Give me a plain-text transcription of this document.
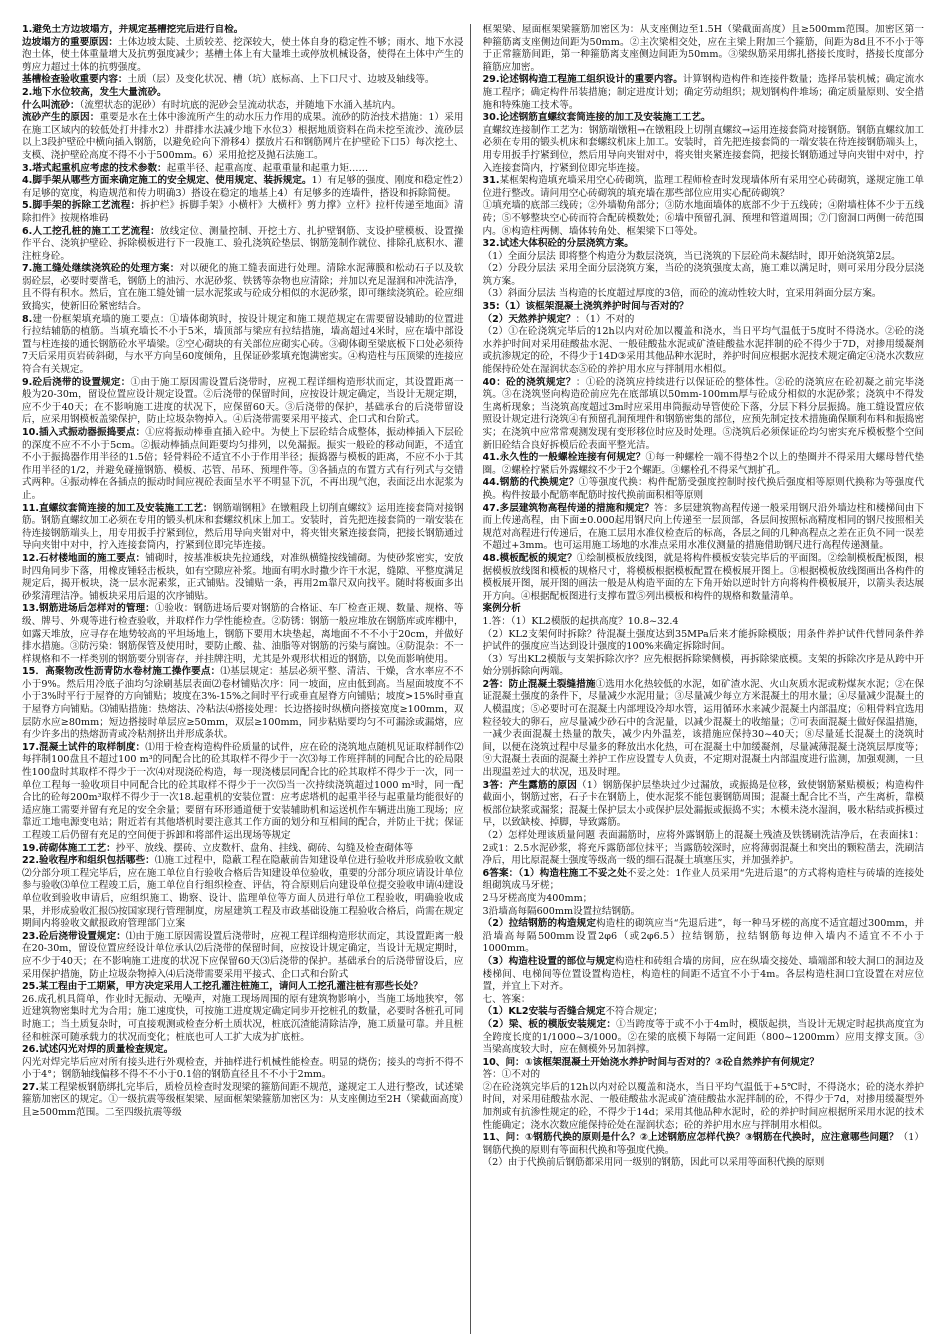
1.避免土方边坡塌方，并规定基槽挖完后进行自检。

边坡塌方的重要原因：土体边坡太陡、土质较差、挖深较大，使土体自身的稳定性不够；雨水、地下水浸泡土体，使土体重量增大及抗剪强度减少；基槽土体上有大量堆土或停放机械设备，使得在土体中产生的剪应力超过土体的抗剪强度。

基槽检查验收重要内容：土质（层）及变化状况、槽（坑）底标高、上下口尺寸、边坡及轴线等。

2.地下水位较高，发生大量流砂。

什么叫流砂：（流塑状态的泥砂）有时坑底的泥砂会呈流动状态，并随地下水涌入基坑内。

流砂产生的原因：重要是水在土体中渗流所产生的动水压力作用的成果。流砂的防治技术措施：1）采用在施工区域内的较低处打井排水2）井群排水法减少地下水位3）根据地质资料在尚未挖至流沙、流砂层以上3段护壁砼中横向插入钢筋，以避免砼向下滑移4）摆放片石和钢筋网片在护壁砼下口5）每次挖土、支模、浇护壁砼高度不得不小于500mm。6）采用抢挖及抛石法施工。

3.塔式起重机应考虑的技术参数：起重半径、起重高度、起重重量和起重力矩……

4.脚手架从哪些方面来确定施工的安全规定、使用规定、装拆规定。1）有足够的强度、刚度和稳定性2）有足够的宽度，构造规范和传力明确3）搭设在稳定的地基上4）有足够多的连墙件，搭设和拆除简便。

5.脚手架的拆除工艺流程：拆护栏》拆脚手架》小横杆》大横杆》剪力撑》立杆》拉杆传递至地面》清除扣件》按规格堆码

6.人工挖孔桩的施工工艺流程：放线定位、测量控制、开挖土方、扎护壁钢筋、支设护壁模板、设置操作平台、浇筑护壁砼、拆除模板进行下一段施工、验孔浇筑砼垫层、钢筋笼制作就位、排除孔底积水、灌注桩身砼。

7.施工缝处继续浇筑砼的处理方案：对以硬化的施工缝表面进行处理。清除水泥薄膜和松动石子以及软弱砼层，必要时要凿毛，钢筋上的油污、水泥砂浆、铁锈等杂物也应清除；并加以充足湿润和冲洗洁净，且不得有积水。然后，宜在施工缝处铺一层水泥浆或与砼成分相似的水泥砂浆，即可继续浇筑砼。砼应细致捣实，使新旧砼紧密结合。

8.建一份框架填充墙的施工要点：①墙体砌筑时，按设计规定和施工规范规定在需要留设辅助的位置进行拉结辅筋的植筋。当填充墙长不小于5米，墙顶部与梁应有拉结措施，墙高超过4米时，应在墙中部设置与柱连接的通长钢筋砼水平墙梁。②空心砌块的有关部位应砌实心砖。③砌体砌至梁底板下口处必须待7天后采用页岩砖斜砌，与水平方向呈60度倾角，且保证砂浆填充饱满密实。④构造柱与压顶梁的连接应符合有关规定。

9.砼后浇带的设置规定：①由于施工原因需设置后浇带时，应视工程详细构造形状而定，其设置距离一般为20-30m，留设位置应设计规定设置。②后浇带的保留时间，应按设计规定确定，当设计无规定期，应不少于40天；在不影响施工进度的状况下，应保留60天。③后浇带的保护，基础承台的后浇带留设后，应采用钢模板盖梁保护，防止垃圾杂物掉入。④后浇带需要采用平接式、企口式和台阶式。

10.插入式振动器振捣要点：①应将振动棒垂直插入砼中。为使上下层砼结合成整体，振动棒插入下层砼的深度不应不不小于5cm。②振动棒插点间距要均匀排列，以免漏振。振实一般砼的移动间距，不适宜不小于振捣器作用半径的1.5倍；轻骨料砼不适宜不小于作用半径；振捣器与模板的距离，不应不小于其作用半径的1/2，并避免碰撞钢筋、模板、芯管、吊环、预埋件等。③各插点的布置方式有行列式与交错式两种。④振动棒在各插点的振动时间应视砼表面呈水平不明显下沉，不再出现气泡，表面泛出水泥浆为止。

11.直螺纹套筒连接的加工及安装施工工艺：钢筋端钢粗》在镦粗段上切削直螺纹》运用连接套筒对接钢筋。钢筋直螺纹加工必须在专用的锻头机床和套螺纹机床上加工。安装时，首先把连接套筒的一端安装在待连接钢筋端头上，用专用扳手拧紧到位，然后用导向夹钳对中，将夹钳夹紧连接套筒，把接长钢筋通过导向夹钳中对中，拧入连接套筒内，拧紧到位即完毕连接。

12.石材楼地面的施工要点：铺砌时，按基准板块先拉通线，对准纵横缝按线铺砌。为使砂浆密实，安放时四角同步下落，用橡皮锤轻击板块，如有空隙应补浆。地面有明水时撒少许干水泥，缝隙、平整度满足规定后，揭开板块，浇一层水泥素浆，正式铺贴。没铺贴一条，再用2m靠尺双向找平。随时将板面多出砂浆清理洁净。铺板块采用后退的次序铺贴。

13.钢筋进场后怎样对的管理：①验收：钢筋进场后要对钢筋的合格证、车厂检查正规、数量、规格、等级、牌号、外观等进行检查验收，并取样作力学性能检查。②防锈：钢筋一般应堆放在钢筋库或库棚中，如露天堆放，应寻存在地势较高的平坦场地上，钢筋下要用木块垫起，离地面不不不小于20cm，并做好排水措施。③防污染：钢筋保管及使用时，要防止酸、盐、油脂等对钢筋的污染与腐蚀。④防混杂：不一样规格和不一样类别的钢筋要分别寄存，并挂牌注明，尤其是外观形状相近的钢筋，以免而影响使用。

15．高聚物改性沥青防水卷材施工操作要点：⑴基层规定：基层必须平整、清洁、干燥，含水率应不不小于9%。然后用冷底子油均匀涂刷基层表面⑵卷材铺贴次序：同一坡面，应由低到高。当屋面坡度不不小于3%时平行于屋脊的方向铺贴；坡度在3%-15%之间时平行或垂直屋脊方向铺贴；坡度>15%时垂直于屋脊方向铺贴。⑶铺贴措施：热熔法、冷粘法⑷搭接处理：长边搭接时纵横向搭接宽度≥100mm，双层防水应≥80mm；短边搭接时单层应≥50mm，双层≥100mm，同步粘贴要均匀不可漏涂或漏熔，应有少许多出的热熔沥青或冷粘剂挤出并形成条状。

17.混凝土试件的取样制度：⑴用于检查构造构件砼质量的试件，应在砼的浇筑地点随机见证取样制作⑵每拌制100盘且不超过100 m³的同配合比的砼其取样不得少于一次⑶每工作班拌制的同配合比的砼局限性100盘时其取样不得少于一次⑷对现浇砼构造，每一现浇楼层同配合比的砼其取样不得少于一次，同一单位工程每一验收项目中同配合比的砼其取样不得少于一次⑸当一次持续浇筑超过1000 m³时，同一配合比的砼每200m³取样不得少于一次18.起重机的安装位置：应考虑塔机的起重半径与起重量均能很好的适应施工需要并留有充足的安全余量；要留有环形通道便于安装辅助机和运送机作车辆进出施工现场；应靠近工地电源变电站；附近若有其他塔机时要注意其工作方面的划分和互相间的配合，并防止干扰；保证工程竣工后仍留有充足的空间便于拆卸和将部件运出现场等规定

19.砖砌体施工工艺：抄平、放线、摆砖、立皮数杆、盘角、挂线、砌砖、勾缝及检查砌体等

22.验收程序和组织包括哪些：⑴施工过程中，隐蔽工程在隐蔽前告知建设单位进行验收并形成验收文献⑵分部分项工程完毕后，应在施工单位自行验收合格后告知建设单位验收，重要的分部分项应请设计单位参与验收⑶单位工程竣工后，施工单位自行组织检查、评估，符合原则后向建设单位提交验收申请⑷建设单位收到验收申请后，应组织施工、勘察、设计、监理单位等方面人员进行单位工程验收，明确验收成果，并形成验收汇报⑸按国家现行管理制度，房屋建筑工程及市政基础设施工程验收合格后，尚需在规定期间内将验收文献报政府管理部门立案

23.砼后浇带设置规定：⑴由于施工原因需设置后浇带时，应视工程详细构造形状而定，其设置距离一般在20-30m，留设位置应经设计单位承认⑵后浇带的保留时间，应按设计规定确定，当设计无规定期时，应不少于40天；在不影响施工进度的状况下应保留60天⑶后浇带的保护。基础承台的后浇带留设后，应采用保护措施，防止垃圾杂物掉入⑷后浇带需要采用平接式、企口式和台阶式

25.某工程由于工期紧，甲方决定采用人工挖孔灌注桩施工，请问人工挖孔灌注桩有那些长处？

26.成孔机具简单，作业时无振动、无噪声，对施工现场周围的原有建筑物影响小，当施工场地狭窄，邻近建筑物密集时尤为合用；施工速度快，可按施工进度规定确定同步开挖桩孔的数量，必要时各桩孔可同时施工；当土质复杂时，可直接观测或检查分析土质状况，桩底沉渣能清除洁净，施工质量可靠。并且桩径和桩深可随承载力的状况而变化；桩底也可人工扩大成为扩底桩。

26.试述闪光对焊的质量检查规定。

闪光对焊完毕后应对所有接头进行外观检查，并抽样进行机械性能检查。明显的烧伤；接头的弯折不得不小于4°；钢筋轴线偏移不得不不小于0.1倍的钢筋直径且不不小于2mm。

27.某工程梁板钢筋绑扎完毕后，质检员检查时发现梁的箍筋间距不规范，遂规定工人进行整改，试述梁箍筋加密区的规定。①一级抗震等级框架梁、屋面框架梁箍筋加密区为：从支座侧边至2H（梁截面高度）且≥500mm范围。二至四级抗震等级

框架梁、屋面框架梁箍筋加密区为：从支座侧边至1.5H（梁截面高度）且≥500mm范围。加密区第一种箍筋离支座侧边间距为50mm。②主次梁相交处，应在主梁上附加三个箍筋，间距为8d且不不小于等于正常箍筋间距，第一种箍筋离支座侧边间距为50mm。③梁纵筋采用绑扎搭接长度时，搭接长度部分箍筋应加密。

29.论述钢构造工程施工组织设计的重要内容。计算钢构造构件和连接件数量；选择吊装机械；确定流水施工程序；确定构件吊装措施；制定进度计划；确定劳动组织；规划钢构件堆场；确定质量原则、安全措施和特殊施工技术等。

30.论述钢筋直螺纹套筒连接的加工及安装施工工艺。

直螺纹连接制作工艺为：钢筋端镦粗→在镦粗段上切削直螺纹→运用连接套筒对接钢筋。钢筋直螺纹加工必须在专用的锻头机床和套螺纹机床上加工。安装时，首先把连接套筒的一端安装在待连接钢筋端头上，用专用扳手拧紧到位，然后用导向夹钳对中，将夹钳夹紧连接套筒，把接长钢筋通过导向夹钳中对中，拧入连接套筒内，拧紧到位即完毕连接。

31.某框架构造填充墙采用空心砖砌筑，监理工程师检查时发现墙体所有采用空心砖砌筑，遂规定施工单位进行整改。请问用空心砖砌筑的填充墙在那些部位应用实心配砖砌筑？

①填充墙的底部三线砖；②外墙勒角部分；③防水地面墙体的底部不少于五线砖；④附墙柱体不少于五线砖；⑤不够整块空心砖而符合配砖模数处；⑥墙中预留孔洞、预埋和管道周围；⑦门窗洞口两侧一砖范围内。⑧构造柱两侧、墙体转角处、框架梁下口等处。

32.试述大体积砼的分层浇筑方案。

（1）全面分层法 即将整个构造分为数层浇筑，当已浇筑的下层砼尚未凝结时，即开始浇筑第2层。

（2）分段分层法 采用全面分层浇筑方案，当砼的浇筑强度太高，施工难以满足时，则可采用分段分层浇筑方案。

（3）斜面分层法 当构造的长度超过厚度的3倍，而砼的流动性较大时，宜采用斜面分层方案。

35:（1）该框架混凝土浇筑养护时间与否对的？

（2）天然养护规定？：（1）不对的

（2）①在砼浇筑完毕后的12h以内对砼加以覆盖和浇水，当日平均气温低于5度时不得浇水。②砼的浇水养护时间对采用硅酸盐水泥、一般硅酸盐水泥或矿渣硅酸盐水泥拌制的砼不得少于7D，对掺用缓凝剂或抗渗规定的砼，不得少于14D③采用其他品种水泥时，养护时间应根据水泥技术规定确定④浇水次数应能保持砼处在湿润状态⑤砼的养护用水应与拌制用水相似。

40：砼的浇筑规定？：①砼的浇筑应持续进行以保证砼的整体性。②砼的浇筑应在砼初凝之前完毕浇筑。③在浇筑竖向构造砼前应先在底部填以50mm-100mm厚与砼成分相似的水泥砂浆；浇筑中不得发生离析现象；当浇筑高度超过3m时应采用串筒振动导管使砼下落，分层下料分层振捣。施工缝设置应依照设计规定进行浇筑④有预留孔洞预埋件和钢筋密集的部位，应预先制定技术措施确保顺利布料和振捣密实；在浇筑中应常常观测发现有变形移位时应及时处理。⑤浇筑后必须保证砼均匀密实充斥模板整个空间新旧砼结合良好拆模后砼表面平整光洁。

41.永久性的一般螺栓连接有何规定？①每一种螺栓一端不得垫2个以上的垫圈并不得采用大螺母替代垫圈。②螺栓拧紧后外露螺纹不少于2个螺距。③螺栓孔不得采气割扩孔。

44.钢筋的代换规定？①等强度代换：构件配筋受强度控制时按代换后强度相等原则代换称为等强度代换。构件按最小配筋率配筋时按代换前面积相等原则

47.多层建筑物高程传递的措施和规定？答：多层建筑物高程传递一般采用钢尺沿外墙边柱和楼梯间由下而上传递高程，由下面±0.000起用钢尺向上传递至一层顶部，各层间按照标高精度相同的钢尺按照相关规范对高程进行传递后，在施工层用水准仪检查后的标高，各层之间的几种高程点之差在正负不同一误差不超过+3mm。也可运用施工场地的水准点采用水准仪测量的措施借助钢尺进行高程传递测量。

48.模板配板的规定？①绘制模板放线图，就是将构件模板安装完毕后的平面图。②绘制模板配板图，根据模板放线图和模板的规格尺寸，将模板根据模板配置在模板展开图上。③根据模板放线图画出各构件的模板展开图，展开图的画法一般是从构造平面的左下角开始以逆时针方向将构件模板展开，以箭头表达展开方向。④根据配板图进行支撑布置⑤列出模板和构件的规格和数量清单。

案例分析

1.答：（1）KL2模版的起拱高度？10.8~32.4

（2）KL2支架何时拆除？待混凝土强度达到35MPa后来才能拆除模版；用条件养护试件代替同条件养护试件的强度应当达到设计强度的100%来确定拆除时间。

（3）写出KL2模版与支架拆除次序？应先根据拆除梁侧模，再拆除梁底模。支架的拆除次序是从跨中开始分别拆除向两端。

2答：防止混凝土裂缝措施①选用水化热较低的水泥，如矿渣水泥、火山灰质水泥或粉煤灰水泥；②在保证混凝土强度的条件下，尽量减少水泥用量；③尽量减少每立方米混凝土的用水量；④尽量减少混凝土的人模温度；⑤必要时可在混凝土内部埋设冷却水管，运用循环水来减少混凝土内部温度；⑥粗骨料宜选用粒径较大的卵石，应尽量减少砂石中的含泥量，以减少混凝土的收缩量；⑦可表面混凝土做好保温措施，一减少表面混凝土热量的散失，减少内外温差，该措施应保持30~40天；⑧尽量延长混凝土的浇筑时间，以便在浇筑过程中尽量多的释放出水化热，可在混凝土中加缓凝剂，尽量减薄混凝土浇筑层厚度等；⑨大混凝土表面的混凝土养护工作应设置专人负责，不定期对混凝土内部温度进行监测，加强观测，一旦出现温差过大的状况，迅及时理。

3答：产生露筋的原因（1）钢筋保护层垫块过少过漏放，或振捣是位移，致使钢筋紧贴模板；构造构件截面小，钢筋过密，石子卡在钢筋上，使水泥浆不能包裹钢筋周围；混凝土配合比不当，产生离析，靠模板部位缺浆或漏浆；混凝土保护层太小或保护层处漏振或振捣不实；木模未浇水湿润，吸水粘结或拆模过早，以致缺棱、掉脚，导致露筋。

（2）怎样处理该质量问题 表面漏筋时，应将外露钢筋上的混凝土残渣及铁锈刷洗洁净后，在表面抹1：2或1：2.5水泥砂浆，将充斥露筋部位抹平；当露筋较深时，应将薄弱混凝土和突出的颗粒凿去，洗刷洁净后，用比原混凝土强度等级高一级的细石混凝土填塞压实，并加强养护。

6答案：（1）构造柱施工不妥之处不妥之处：1作业人员采用“先进后退”的方式将构造柱与砖墙的连接处组砌筑成马牙槎；

2马牙槎高度为400mm；

3沿墙高每隔600mm设置拉结钢筋。

（2）拉结钢筋的构造规定构造柱的砌筑应当“先退后进”，每一种马牙槎的高度不适宜超过300mm，并沿墙高每隔500mm设置2φ6（或2φ6.5）拉结钢筋，拉结钢筋每边伸入墙内不适宜不不小于1000mm。

（3）构造柱设置的部位与规定构造柱和砖组合墙的房间，应在纵墙交接处、墙端部和较大洞口的洞边及楼梯间、电梯间等位置设置构造柱，构造柱的间距不适宜不小于4m。各层构造柱洞口宜设置在对应位置，并宜上下对齐。

七、答案：

（1）KL2安装与否缝合规定不符合规定；

（2）梁、板的模版安装规定：①当跨度等于或不小于4m时，模版起拱，当设计无规定时起拱高度宜为全跨度长度的1/1000~3/1000。②在梁的底模下每隔一定间距（800~1200mm）应用支撑支顶。③当梁高度较大时，应在侧模外另加斜撑。

10、问：①该框架混凝土开始浇水养护时间与否对的？②砼自然养护有何规定？

答：①不对的

②在砼浇筑完毕后的12h以内对砼以覆盖和浇水，当日平均气温低于+5℃时，不得浇水；砼的浇水养护时间，对采用硅酸盐水泥、一般硅酸盐水泥或矿渣硅酸盐水泥拌制的砼，不得少于7d，对掺用缓凝型外加剂或有抗渗性规定的砼，不得少于14d；采用其他品种水泥时，砼的养护时间应根据所采用水泥的技术性能确定；浇水次数应能保持砼处在湿润状态；砼的养护用水应与拌制用水相似。

11、问：①钢筋代换的原则是什么？②上述钢筋应怎样代换？③钢筋在代换时，应注意哪些问题？（1）钢筋代换的原则有等面积代换和等强度代换。

（2）由于代换前后钢筋都采用同一级别的钢筋，因此可以采用等面积代换的原则
